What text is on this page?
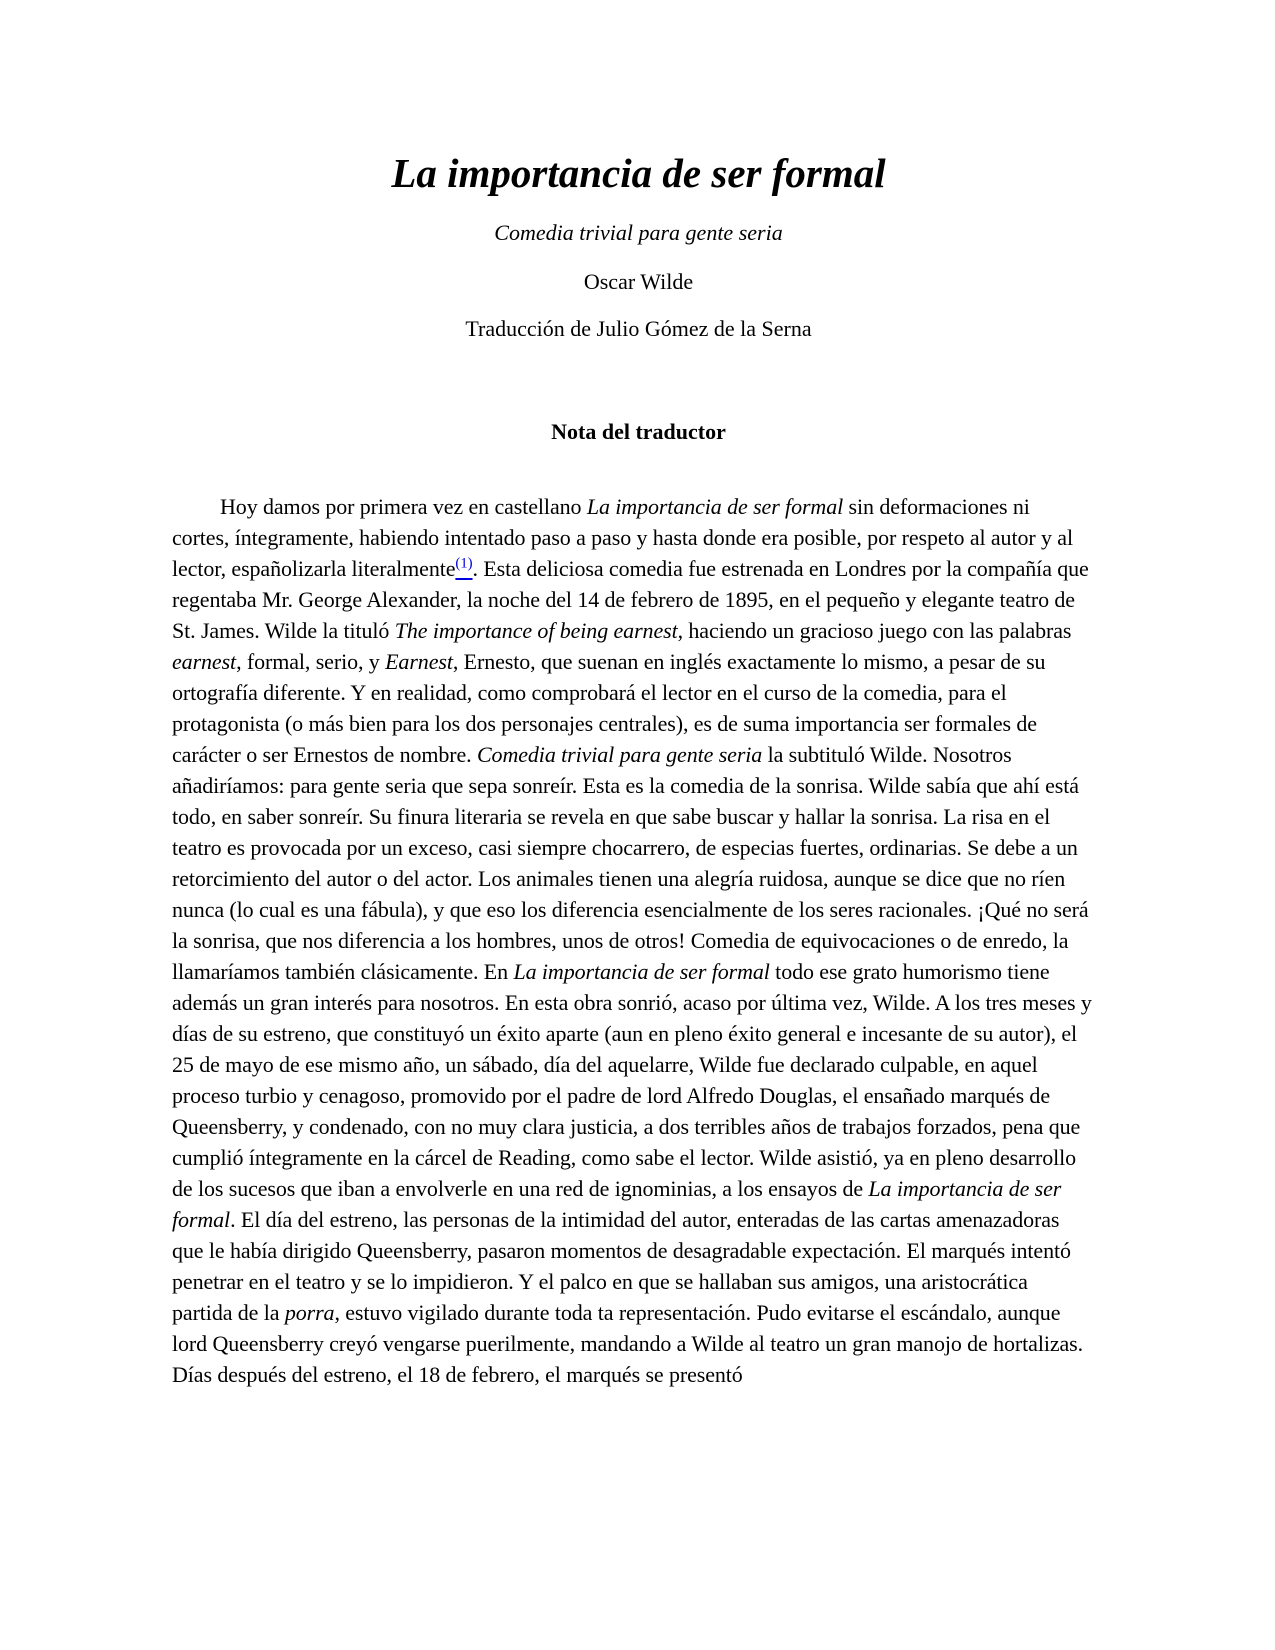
La importancia de ser formal

Comedia trivial para gente seria

Oscar Wilde

Traducción de Julio Gómez de la Serna

Nota del traductor

Hoy damos por primera vez en castellano La importancia de ser formal sin deformaciones ni cortes, íntegramente, habiendo intentado paso a paso y hasta donde era posible, por respeto al autor y al lector, españolizarla literalmente$^{(1)}$. Esta deliciosa comedia fue estrenada en Londres por la compañía que regentaba Mr. George Alexander, la noche del 14 de febrero de 1895, en el pequeño y elegante teatro de St. James. Wilde la tituló The importance of being earnest, haciendo un gracioso juego con las palabras earnest, formal, serio, y Earnest, Ernesto, que suenan en inglés exactamente lo mismo, a pesar de su ortografía diferente. Y en realidad, como comprobará el lector en el curso de la comedia, para el protagonista (o más bien para los dos personajes centrales), es de suma importancia ser formales de carácter o ser Ernestos de nombre. Comedia trivial para gente seria la subtituló Wilde. Nosotros añadiríamos: para gente seria que sepa sonreír. Esta es la comedia de la sonrisa. Wilde sabía que ahí está todo, en saber sonreír. Su finura literaria se revela en que sabe buscar y hallar la sonrisa. La risa en el teatro es provocada por un exceso, casi siempre chocarrero, de especias fuertes, ordinarias. Se debe a un retorcimiento del autor o del actor. Los animales tienen una alegría ruidosa, aunque se dice que no ríen nunca (lo cual es una fábula), y que eso los diferencia esencialmente de los seres racionales. ¡Qué no será la sonrisa, que nos diferencia a los hombres, unos de otros! Comedia de equivocaciones o de enredo, la llamaríamos también clásicamente. En La importancia de ser formal todo ese grato humorismo tiene además un gran interés para nosotros. En esta obra sonrió, acaso por última vez, Wilde. A los tres meses y días de su estreno, que constituyó un éxito aparte (aun en pleno éxito general e incesante de su autor), el 25 de mayo de ese mismo año, un sábado, día del aquelarre, Wilde fue declarado culpable, en aquel proceso turbio y cenagoso, promovido por el padre de lord Alfredo Douglas, el ensañado marqués de Queensberry, y condenado, con no muy clara justicia, a dos terribles años de trabajos forzados, pena que cumplió íntegramente en la cárcel de Reading, como sabe el lector. Wilde asistió, ya en pleno desarrollo de los sucesos que iban a envolverle en una red de ignominias, a los ensayos de La importancia de ser formal. El día del estreno, las personas de la intimidad del autor, enteradas de las cartas amenazadoras que le había dirigido Queensberry, pasaron momentos de desagradable expectación. El marqués intentó penetrar en el teatro y se lo impidieron. Y el palco en que se hallaban sus amigos, una aristocrática partida de la porra, estuvo vigilado durante toda ta representación. Pudo evitarse el escándalo, aunque lord Queensberry creyó vengarse puerilmente, mandando a Wilde al teatro un gran manojo de hortalizas. Días después del estreno, el 18 de febrero, el marqués se presentó
